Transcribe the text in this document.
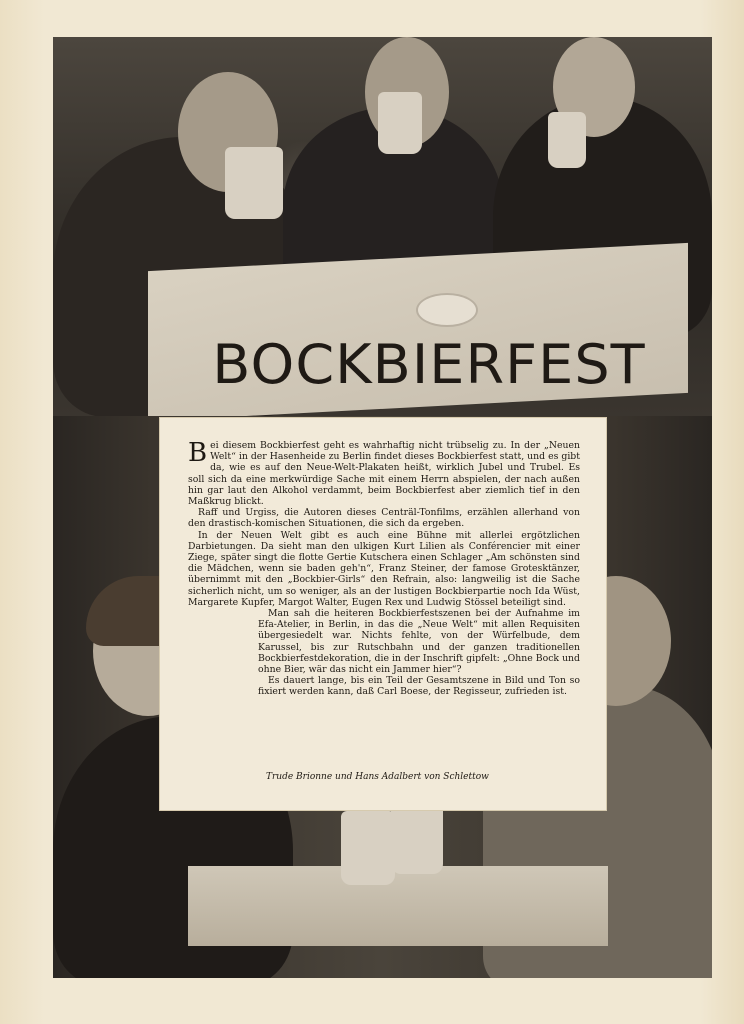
BOCKBIERFEST

Bei diesem Bockbierfest geht es wahrhaftig nicht trübselig zu. In der „Neuen Welt“ in der Hasenheide zu Berlin findet dieses Bockbierfest statt, und es gibt da, wie es auf den Neue-Welt-Plakaten heißt, wirklich Jubel und Trubel. Es soll sich da eine merkwürdige Sache mit einem Herrn abspielen, der nach außen hin gar laut den Alkohol verdammt, beim Bockbierfest aber ziemlich tief in den Maßkrug blickt.

Raff und Urgiss, die Autoren dieses Centräl-Tonfilms, erzählen allerhand von den drastisch-komischen Situationen, die sich da ergeben.

In der Neuen Welt gibt es auch eine Bühne mit allerlei ergötzlichen Darbietungen. Da sieht man den ulkigen Kurt Lilien als Conférencier mit einer Ziege, später singt die flotte Gertie Kutschera einen Schlager „Am schönsten sind die Mädchen, wenn sie baden geh'n“, Franz Steiner, der famose Grotesktänzer, übernimmt mit den „Bockbier-Girls“ den Refrain, also: langweilig ist die Sache sicherlich nicht, um so weniger, als an der lustigen Bockbierpartie noch Ida Wüst, Margarete Kupfer, Margot Walter, Eugen Rex und Ludwig Stössel beteiligt sind.

Man sah die heiteren Bockbierfestszenen bei der Aufnahme im Efa-Atelier, in Berlin, in das die „Neue Welt“ mit allen Requisiten übergesiedelt war. Nichts fehlte, von der Würfelbude, dem Karussel, bis zur Rutschbahn und der ganzen traditionellen Bockbierfestdekoration, die in der Inschrift gipfelt: „Ohne Bock und ohne Bier, wär das nicht ein Jammer hier“?

Es dauert lange, bis ein Teil der Gesamtszene in Bild und Ton so fixiert werden kann, daß Carl Boese, der Regisseur, zufrieden ist.

Trude Brionne und Hans Adalbert von Schlettow
